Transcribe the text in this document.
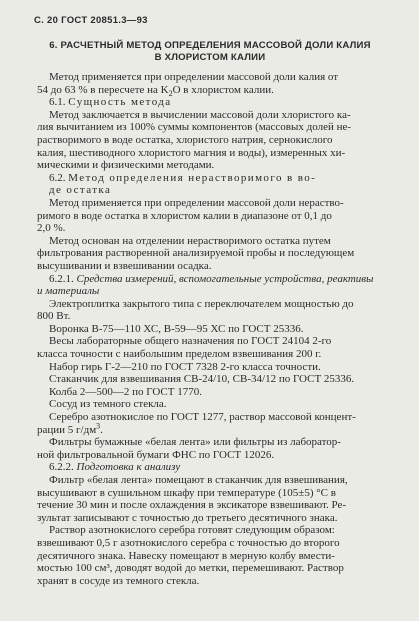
С. 20 ГОСТ 20851.3—93
6. РАСЧЕТНЫЙ МЕТОД ОПРЕДЕЛЕНИЯ МАССОВОЙ ДОЛИ КАЛИЯ
В ХЛОРИСТОМ КАЛИИ
Метод применяется при определении массовой доли калия от
54 до 63 % в пересчете на $K_2O$ в хлористом калии.
6.1. Сущность метода
Метод заключается в вычислении массовой доли хлористого ка-
лия вычитанием из 100% суммы компонентов (массовых долей не-
растворимого в воде остатка, хлористого натрия, сернокислого
калия, шестиводного хлористого магния и воды), измеренных хи-
мическими и физическими методами.
6.2. Метод определения нерастворимого в во-
де остатка
Метод применяется при определении массовой доли нераство-
римого в воде остатка в хлористом калии в диапазоне от 0,1 до
2,0 %.
Метод основан на отделении нерастворимого остатка путем
фильтрования растворенной анализируемой пробы и последующем
высушивании и взвешивании осадка.
6.2.1. Средства измерений, вспомогательные устройства, реактивы
и материалы
Электроплитка закрытого типа с переключателем мощностью до
800 Вт.
Воронка В-75—110 ХС, В-59—95 ХС по ГОСТ 25336.
Весы лабораторные общего назначения по ГОСТ 24104 2-го
класса точности с наибольшим пределом взвешивания 200 г.
Набор гирь Г-2—210 по ГОСТ 7328 2-го класса точности.
Стаканчик для взвешивания СВ-24/10, СВ-34/12 по ГОСТ 25336.
Колба 2—500—2 по ГОСТ 1770.
Сосуд из темного стекла.
Серебро азотнокислое по ГОСТ 1277, раствор массовой концент-
рации 5 $г/дм^3$.
Фильтры бумажные «белая лента» или фильтры из лаборатор-
ной фильтровальной бумаги ФНС по ГОСТ 12026.
6.2.2. Подготовка к анализу
Фильтр «белая лента» помещают в стаканчик для взвешивания,
высушивают в сушильном шкафу при температуре (105±5) °С в
течение 30 мин и после охлаждения в эксикаторе взвешивают. Ре-
зультат записывают с точностью до третьего десятичного знака.
Раствор азотнокислого серебра готовят следующим образом:
взвешивают 0,5 г азотнокислого серебра с точностью до второго
десятичного знака. Навеску помещают в мерную колбу вмести-
мостью 100 см³, доводят водой до метки, перемешивают. Раствор
хранят в сосуде из темного стекла.
